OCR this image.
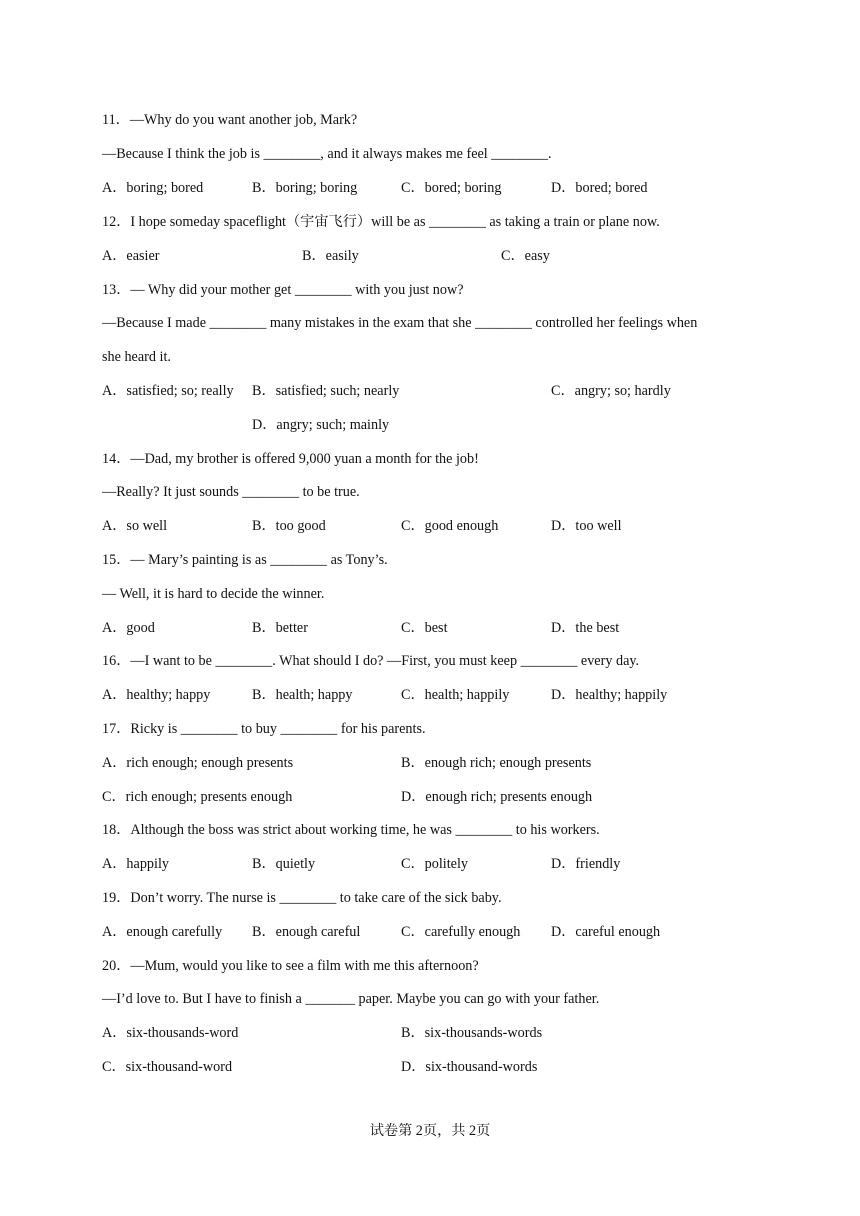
11．—Why do you want another job, Mark?
—Because I think the job is ________, and it always makes me feel ________.
A．boring; bored	B．boring; boring	C．bored; boring	D．bored; bored
12．I hope someday spaceflight（宇宙飞行）will be as ________ as taking a train or plane now.
A．easier	B．easily	C．easy
13．— Why did your mother get ________ with you just now?
—Because I made ________ many mistakes in the exam that she ________ controlled her feelings when
she heard it.
A．satisfied; so; really B．satisfied; such; nearly	C．angry; so; hardly
D．angry; such; mainly
14．—Dad, my brother is offered 9,000 yuan a month for the job!
—Really? It just sounds ________ to be true.
A．so well	B．too good	C．good enough	D．too well
15．— Mary’s painting is as ________ as Tony’s.
— Well, it is hard to decide the winner.
A．good	B．better	C．best	D．the best
16．—I want to be ________. What should I do? —First, you must keep ________ every day.
A．healthy; happy	B．health; happy	C．health; happily	D．healthy; happily
17．Ricky is ________ to buy ________ for his parents.
A．rich enough; enough presents	B．enough rich; enough presents
C．rich enough; presents enough	D．enough rich; presents enough
18．Although the boss was strict about working time, he was ________ to his workers.
A．happily	B．quietly	C．politely	D．friendly
19．Don’t worry. The nurse is ________ to take care of the sick baby.
A．enough carefully B．enough careful	C．carefully enough D．careful enough
20．—Mum, would you like to see a film with me this afternoon?
—I’d love to. But I have to finish a _______ paper. Maybe you can go with your father.
A．six-thousands-word	B．six-thousands-words
C．six-thousand-word	D．six-thousand-words
试卷第 2页，共 2页
